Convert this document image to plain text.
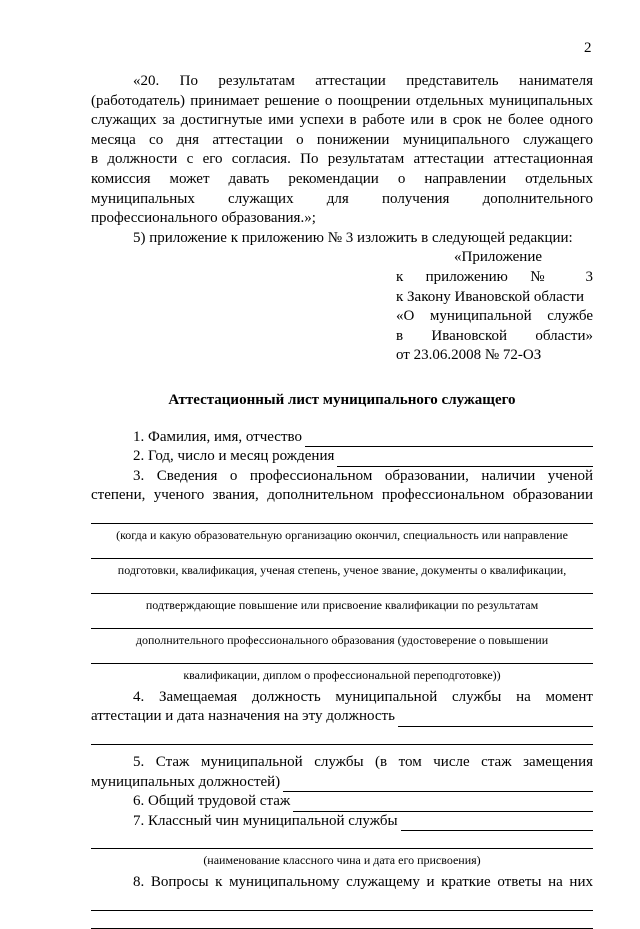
2

«20. По результатам аттестации представитель нанимателя

(работодатель) принимает решение о поощрении отдельных муниципальных

служащих за достигнутые ими успехи в работе или в срок не более одного

месяца со дня аттестации о понижении муниципального служащего

в должности с его согласия. По результатам аттестации аттестационная

комиссия может давать рекомендации о направлении отдельных

муниципальных служащих для получения дополнительного

профессионального образования.»;

5) приложение к приложению № 3 изложить в следующей редакции:

«Приложение

к приложению № 3

к Закону Ивановской области

«О муниципальной службе

в Ивановской области»

от 23.06.2008 № 72-ОЗ

Аттестационный лист муниципального служащего

1. Фамилия, имя, отчество
2. Год, число и месяц рождения

3. Сведения о профессиональном образовании, наличии ученой

степени, ученого звания, дополнительном профессиональном образовании

(когда и какую образовательную организацию окончил, специальность или направление

подготовки, квалификация, ученая степень, ученое звание, документы о квалификации,

подтверждающие повышение или присвоение квалификации по результатам

дополнительного профессионального образования (удостоверение о повышении

квалификации, диплом о профессиональной переподготовке))

4. Замещаемая должность муниципальной службы на момент

аттестации и дата назначения на эту должность

5. Стаж муниципальной службы (в том числе стаж замещения

муниципальных должностей)
6. Общий трудовой стаж
7. Классный чин муниципальной службы

(наименование классного чина и дата его присвоения)

8. Вопросы к муниципальному служащему и краткие ответы на них
